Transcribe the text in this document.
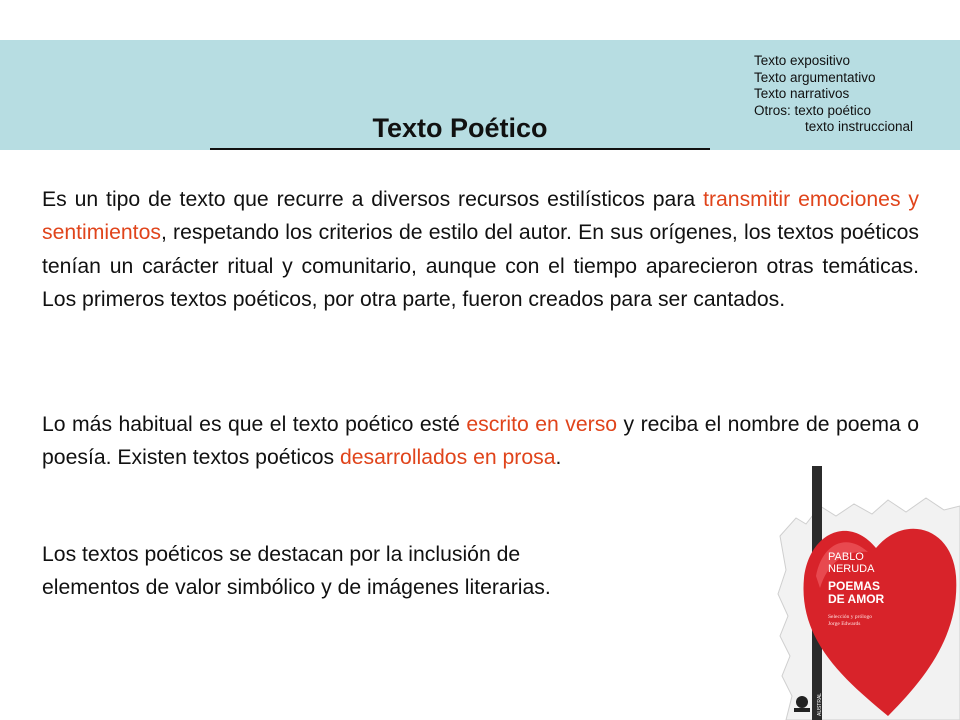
Texto Poético
Texto expositivo
Texto argumentativo
Texto narrativos
Otros: texto poético
texto instruccional

Es un tipo de texto que recurre a diversos recursos estilísticos para transmitir emociones y sentimientos, respetando los criterios de estilo del autor. En sus orígenes, los textos poéticos tenían un carácter ritual y comunitario, aunque con el tiempo aparecieron otras temáticas. Los primeros textos poéticos, por otra parte, fueron creados para ser cantados.

Lo más habitual es que el texto poético esté escrito en verso y reciba el nombre de poema o poesía. Existen textos poéticos desarrollados en prosa.

Los textos poéticos se destacan por la inclusión de
elementos de valor simbólico y de imágenes literarias.

PABLO
NERUDA
POEMAS
DE AMOR
Selección y prólogo
Jorge Edwards
AUSTRAL
